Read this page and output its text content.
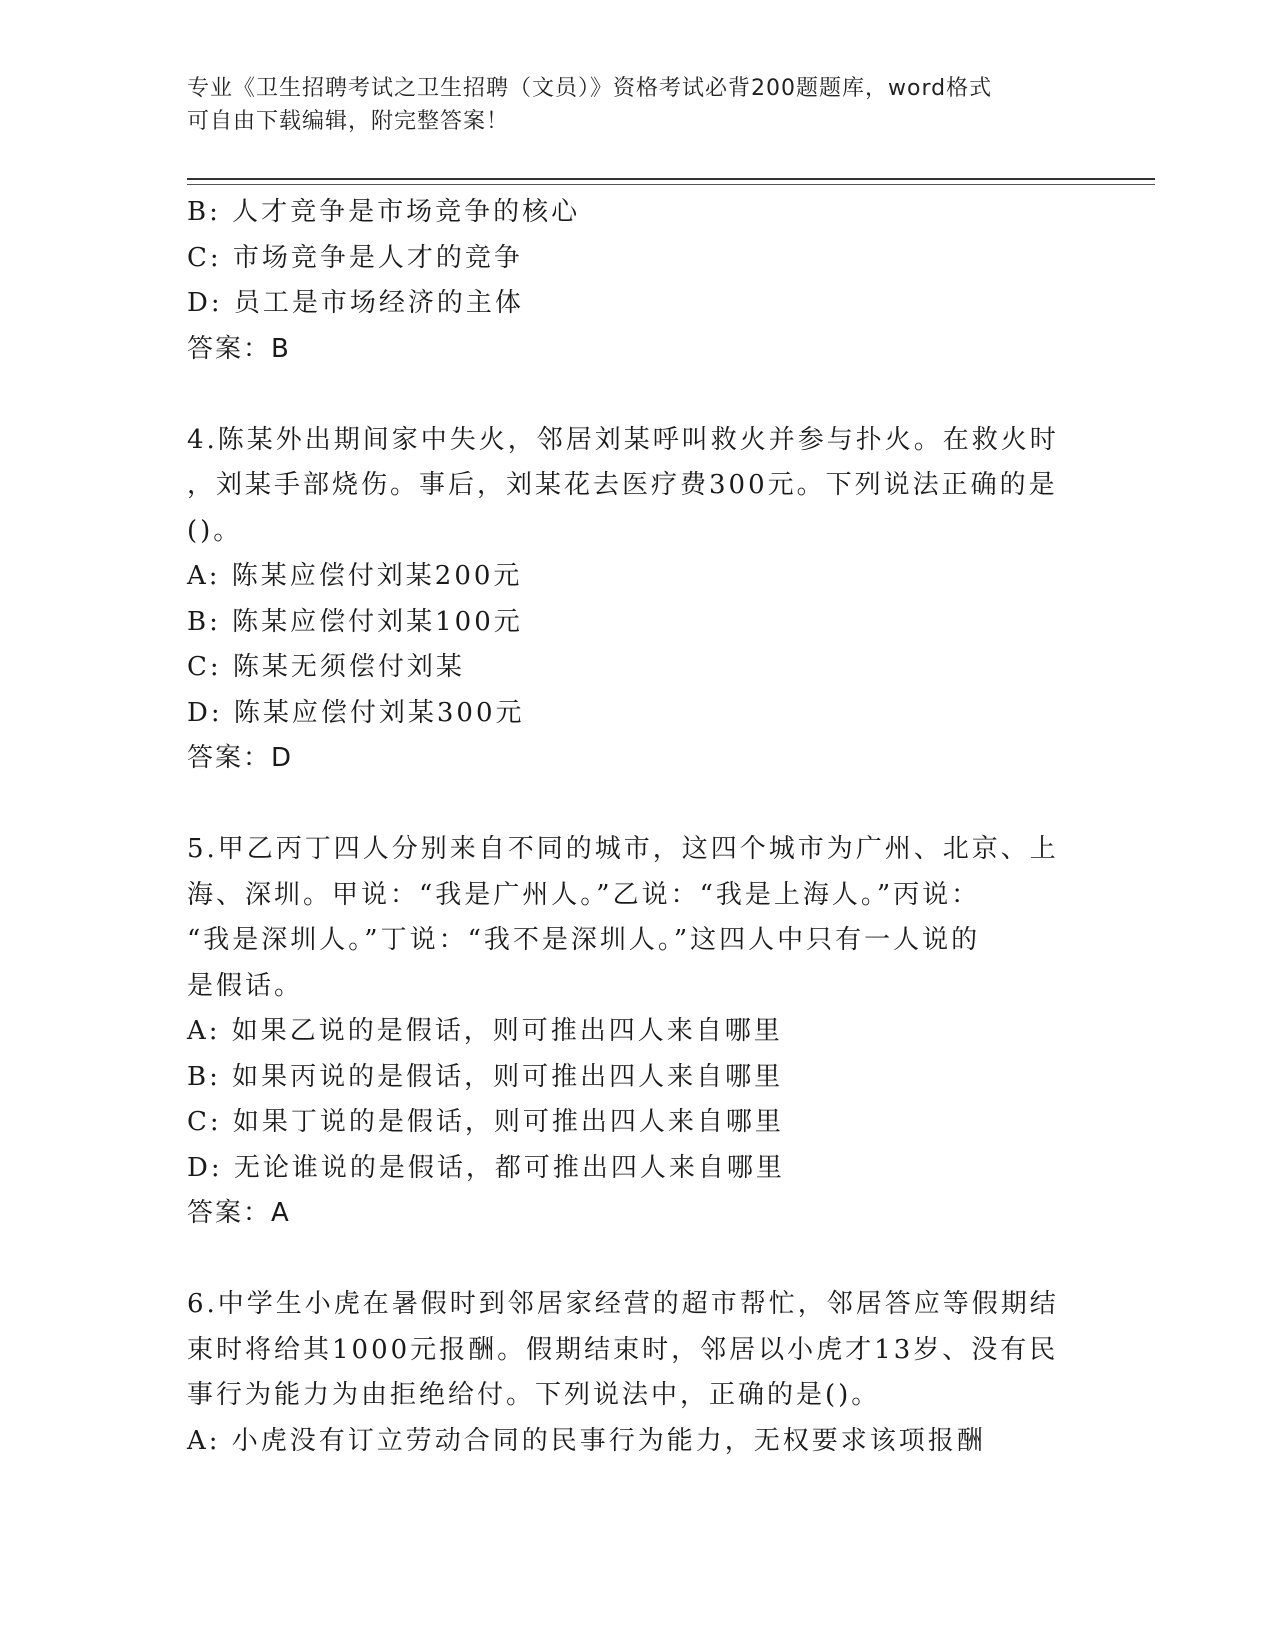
专业《卫生招聘考试之卫生招聘（文员）》资格考试必背200题题库，word格式
可自由下载编辑，附完整答案！
B: 人才竞争是市场竞争的核心
C: 市场竞争是人才的竞争
D: 员工是市场经济的主体
答案：B
4.陈某外出期间家中失火，邻居刘某呼叫救火并参与扑火。在救火时
，刘某手部烧伤。事后，刘某花去医疗费300元。下列说法正确的是
()。
A: 陈某应偿付刘某200元
B: 陈某应偿付刘某100元
C: 陈某无须偿付刘某
D: 陈某应偿付刘某300元
答案：D
5.甲乙丙丁四人分别来自不同的城市，这四个城市为广州、北京、上
海、深圳。甲说：“我是广州人。”乙说：“我是上海人。”丙说：
“我是深圳人。”丁说：“我不是深圳人。”这四人中只有一人说的
是假话。
A: 如果乙说的是假话，则可推出四人来自哪里
B: 如果丙说的是假话，则可推出四人来自哪里
C: 如果丁说的是假话，则可推出四人来自哪里
D: 无论谁说的是假话，都可推出四人来自哪里
答案：A
6.中学生小虎在暑假时到邻居家经营的超市帮忙，邻居答应等假期结
束时将给其1000元报酬。假期结束时，邻居以小虎才13岁、没有民
事行为能力为由拒绝给付。下列说法中，正确的是()。
A: 小虎没有订立劳动合同的民事行为能力，无权要求该项报酬
